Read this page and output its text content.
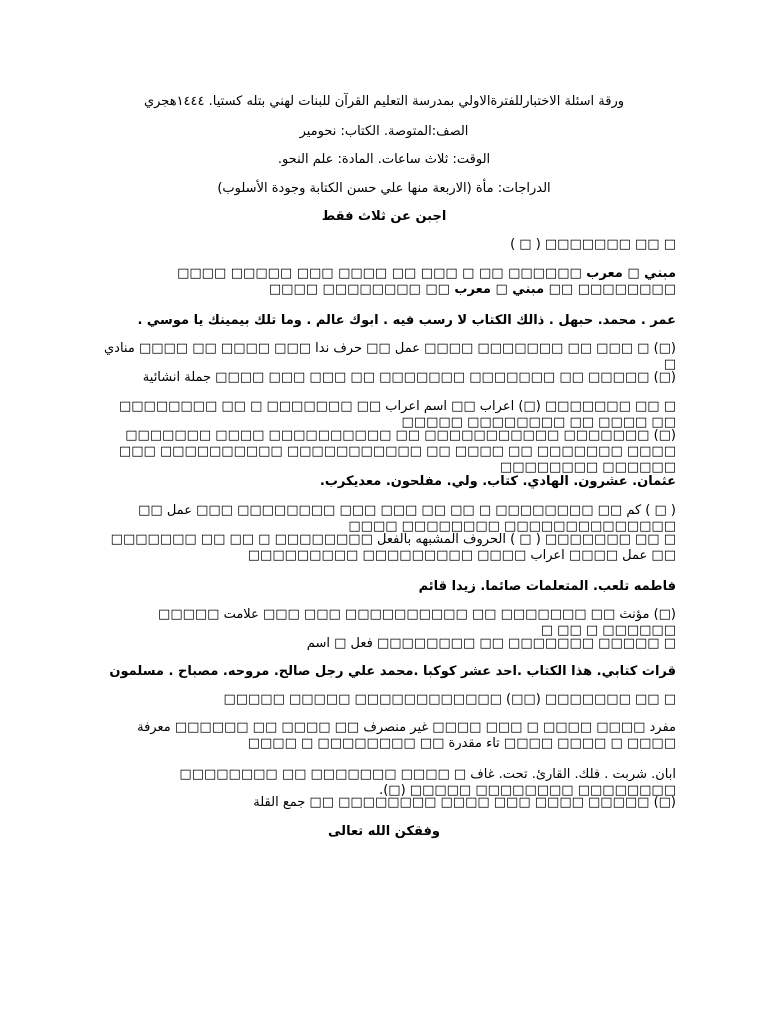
ورقة اسئلة الاختبارللفترةالاولي بمدرسة التعليم القرآن للبنات لهني بتله كستيا. ١٤٤٤هجري
الصف:المتوصة. الكتاب: نحومير
الوقت: ثلاث ساعات. المادة: علم النحو.
الدراجات: مأة (الاربعة منها علي حسن الكتابة وجودة الأسلوب)
اجبن عن ثلاث فقط
□ □□ □□□□□□□ ( □ )
مبني □ معرب □□□□□□ □□ □ □□□ □□ □□□□ □□□ □□□□□ □□□□ □□□□□□□□ □□ مبني □ معرب □□ □□□□□□□□ □□□□
عمر . محمد. حبهل . ذالك الكتاب لا رسب فيه . ابوك عالم . وما تلك بيمينك يا موسي .
(□) □ □□□ □□ □□□□□□□ □□□□ عمل □□ حرف ندا □□□ □□□□ □□ □□□□ منادي □
(□) □□□□□ □□ □□□□□□□ □□□□□□□ □□ □□□ □□□ □□□□ جملة انشائية
□ □□ □□□□□□□ (□) اعراب □□ اسم اعراب □□ □□□□□□□ □ □□ □□□□□□□□ □□ □□□□ □□ □□□□□□□□ □□□□□
(□) □□□□□□□ □□□□□□□□□□□ □□ □□□□□□□□□□ □□□□ □□□□□□□ □□□□ □□□□□□□ □□ □□□□ □□ □□□□□□□□□□□ □□□□□□□□□□ □□□ □□□□□□ □□□□□□□□
عثمان. عشرون. الهادي. كتاب. ولي. مفلحون. معديكرب.
( □ ) كم □□ □□□□□□□□ □ □□ □□ □□□ □□□ □□□□□□□□ □□□ عمل □□ □□□□□□□□□□□□□□ □□□□□□□□ □□□□
□ □□ □□□□□□□ ( □ ) الحروف المشبهه بالفعل □□□□□□□□ □ □□ □□ □□□□□□□ □□ عمل □□□□ اعراب □□□□ □□□□□□□□□ □□□□□□□□□
فاطمه تلعب. المتعلمات صائما. زيدا قائم
(□) مؤنث □□ □□□□□□□ □□ □□□□□□□□□□ □□□ □□□ علامت □□□□□ □□□□□□ □ □□ □
□ □□□□□ □□□□□□□ □□ □□□□□□□□ فعل □ اسم
قرات كتابي. هذا الكتاب .احد عشر كوكبا .محمد علي رجل صالح. مروحه. مصباح . مسلمون
□ □□ □□□□□□□ (□□) □□□□□□□□□□□□ □□□□□ □□□□□
مفرد □□□□ □□□□ □ □□□ □□□□ غير منصرف □□ □□□□ □□ □□□□□□ معرفة □□□□ □ □□□□ □□□□ تاء مقدرة □□ □□□□□□□□ □ □□□□
ابان. شربت . فلك. القارئ. تحت. غاف □ □□□□ □□□□□□□ □□ □□□□□□□□ □□□□□□□□ □□□□□□□□ □□□□□ (□).
(□) □□□□□ □□□□ □□□ □□□□ □□□□□□□□ □□ جمع القلة
وفقكن الله تعالى
